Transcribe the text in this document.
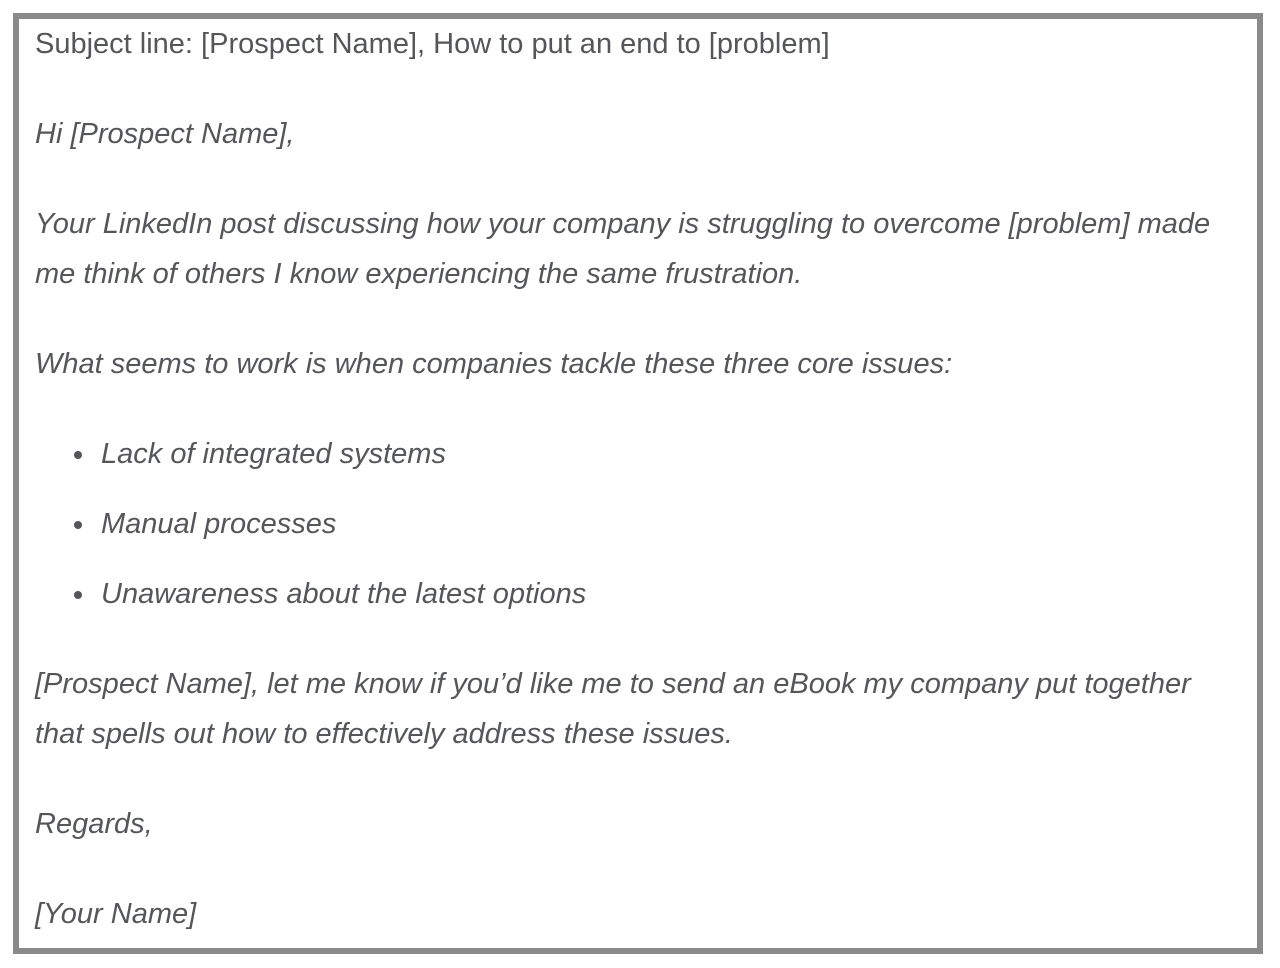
Subject line: [Prospect Name], How to put an end to [problem]

Hi [Prospect Name],

Your LinkedIn post discussing how your company is struggling to overcome [problem] made me think of others I know experiencing the same frustration.

What seems to work is when companies tackle these three core issues:

• Lack of integrated systems
• Manual processes
• Unawareness about the latest options

[Prospect Name], let me know if you’d like me to send an eBook my company put together that spells out how to effectively address these issues.

Regards,

[Your Name]
